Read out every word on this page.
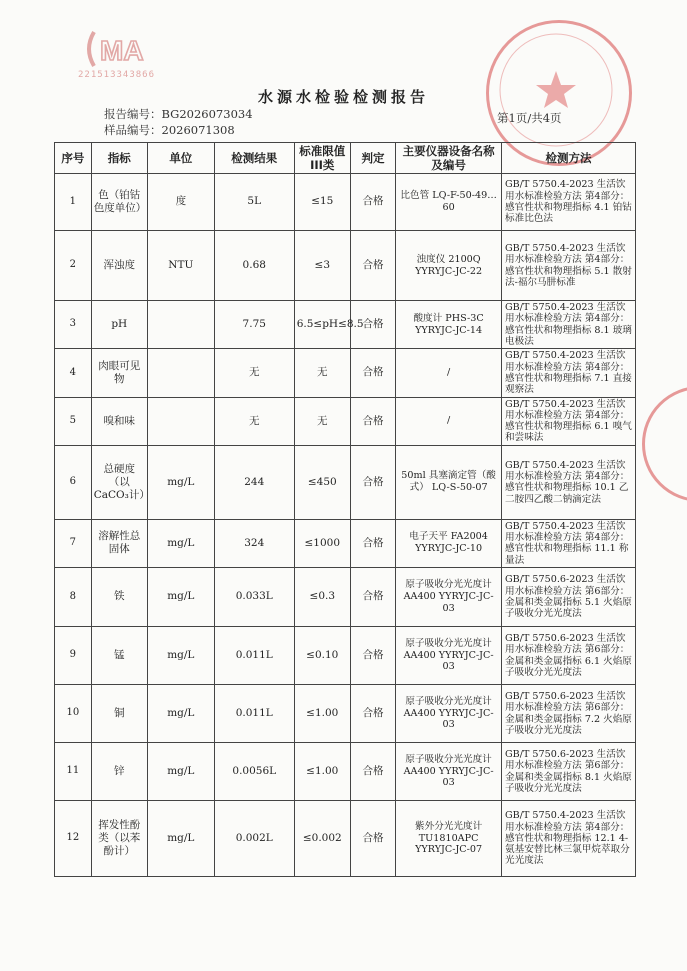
MA
221513343866
水源水检验检测报告
报告编号：BG2026073034
样品编号：2026071308
第1页/共4页
序号	指标	单位	检测结果	标准限值III类	判定	主要仪器设备名称及编号	检测方法
1	色（铂钴色度单位）	度	5L	≤15	合格	比色管 LQ-F-50-49…60	GB/T 5750.4-2023 生活饮用水标准检验方法 第4部分：感官性状和物理指标 4.1 铂钴标准比色法
2	浑浊度	NTU	0.68	≤3	合格	浊度仪 2100Q YYRYJC-JC-22	GB/T 5750.4-2023 生活饮用水标准检验方法 第4部分：感官性状和物理指标 5.1 散射法-福尔马肼标准
3	pH		7.75	6.5≤pH≤8.5	合格	酸度计 PHS-3C YYRYJC-JC-14	GB/T 5750.4-2023 生活饮用水标准检验方法 第4部分：感官性状和物理指标 8.1 玻璃电极法
4	肉眼可见物		无	无	合格	/	GB/T 5750.4-2023 生活饮用水标准检验方法 第4部分：感官性状和物理指标 7.1 直接观察法
5	嗅和味		无	无	合格	/	GB/T 5750.4-2023 生活饮用水标准检验方法 第4部分：感官性状和物理指标 6.1 嗅气和尝味法
6	总硬度（以CaCO₃计）	mg/L	244	≤450	合格	50ml 具塞滴定管（酸式） LQ-S-50-07	GB/T 5750.4-2023 生活饮用水标准检验方法 第4部分：感官性状和物理指标 10.1 乙二胺四乙酸二钠滴定法
7	溶解性总固体	mg/L	324	≤1000	合格	电子天平 FA2004 YYRYJC-JC-10	GB/T 5750.4-2023 生活饮用水标准检验方法 第4部分：感官性状和物理指标 11.1 称量法
8	铁	mg/L	0.033L	≤0.3	合格	原子吸收分光光度计 AA400 YYRYJC-JC-03	GB/T 5750.6-2023 生活饮用水标准检验方法 第6部分：金属和类金属指标 5.1 火焰原子吸收分光光度法
9	锰	mg/L	0.011L	≤0.10	合格	原子吸收分光光度计 AA400 YYRYJC-JC-03	GB/T 5750.6-2023 生活饮用水标准检验方法 第6部分：金属和类金属指标 6.1 火焰原子吸收分光光度法
10	铜	mg/L	0.011L	≤1.00	合格	原子吸收分光光度计 AA400 YYRYJC-JC-03	GB/T 5750.6-2023 生活饮用水标准检验方法 第6部分：金属和类金属指标 7.2 火焰原子吸收分光光度法
11	锌	mg/L	0.0056L	≤1.00	合格	原子吸收分光光度计 AA400 YYRYJC-JC-03	GB/T 5750.6-2023 生活饮用水标准检验方法 第6部分：金属和类金属指标 8.1 火焰原子吸收分光光度法
12	挥发性酚类（以苯酚计）	mg/L	0.002L	≤0.002	合格	紫外分光光度计 TU1810APC YYRYJC-JC-07	GB/T 5750.4-2023 生活饮用水标准检验方法 第4部分：感官性状和物理指标 12.1 4-氨基安替比林三氯甲烷萃取分光光度法
